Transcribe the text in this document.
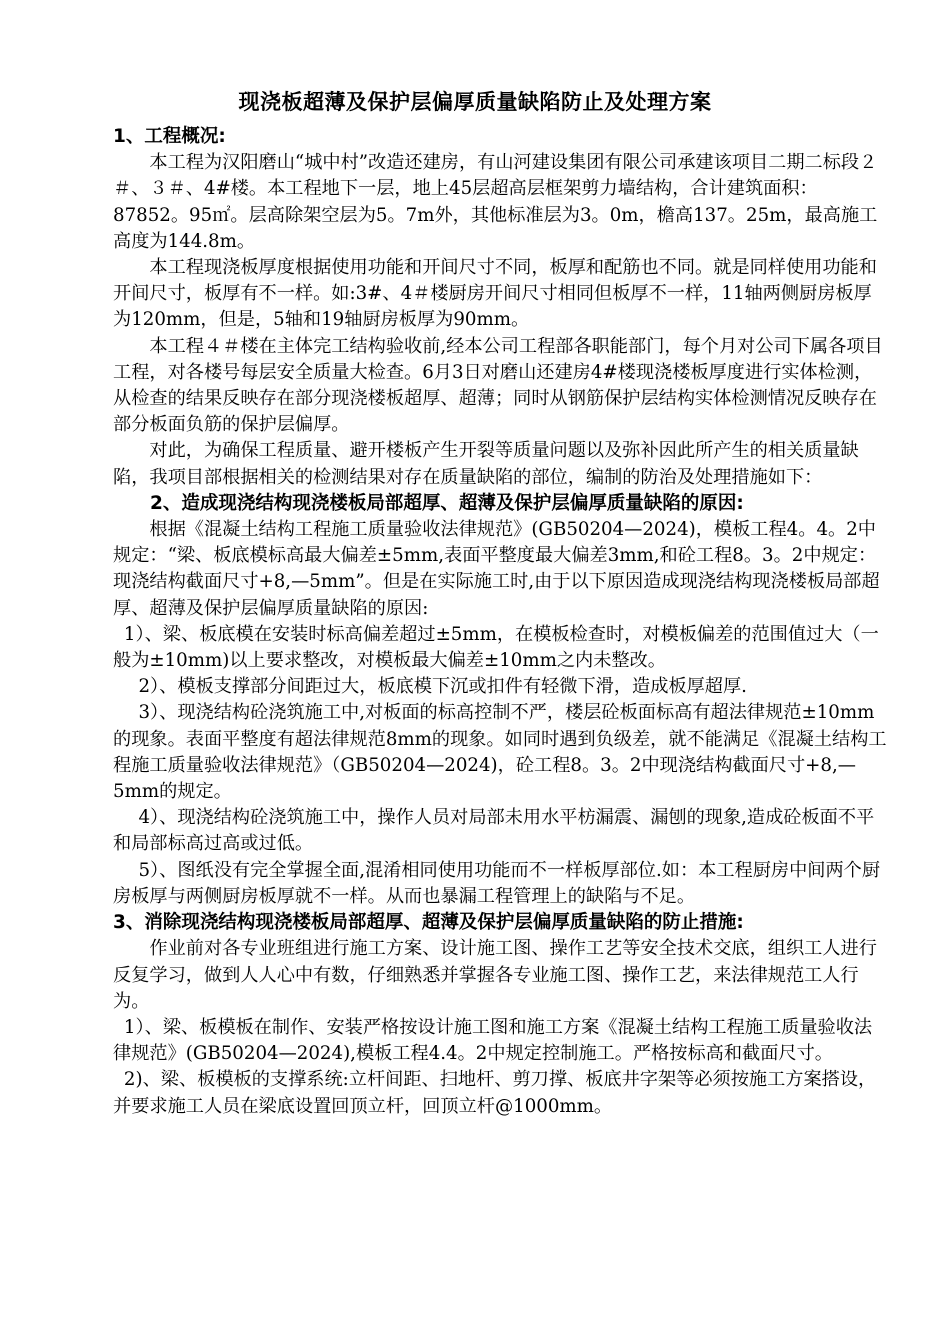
现浇板超薄及保护层偏厚质量缺陷防止及处理方案

1、工程概况:

本工程为汉阳磨山“城中村”改造还建房，有山河建设集团有限公司承建该项目二期二标段２＃、３＃、4#楼。本工程地下一层，地上45层超高层框架剪力墙结构，合计建筑面积：87852。95㎡。层高除架空层为5。7m外，其他标准层为3。0m，檐高137。25m，最高施工高度为144.8m。

本工程现浇板厚度根据使用功能和开间尺寸不同，板厚和配筋也不同。就是同样使用功能和开间尺寸，板厚有不一样。如:3#、4＃楼厨房开间尺寸相同但板厚不一样，11轴两侧厨房板厚为120mm，但是，5轴和19轴厨房板厚为90mm。

本工程４＃楼在主体完工结构验收前,经本公司工程部各职能部门，每个月对公司下属各项目工程，对各楼号每层安全质量大检查。6月3日对磨山还建房4#楼现浇楼板厚度进行实体检测，从检查的结果反映存在部分现浇楼板超厚、超薄；同时从钢筋保护层结构实体检测情况反映存在部分板面负筋的保护层偏厚。

对此，为确保工程质量、避开楼板产生开裂等质量问题以及弥补因此所产生的相关质量缺陷，我项目部根据相关的检测结果对存在质量缺陷的部位，编制的防治及处理措施如下：

2、造成现浇结构现浇楼板局部超厚、超薄及保护层偏厚质量缺陷的原因:

根据《混凝土结构工程施工质量验收法律规范》(GB50204—2024)，模板工程4。4。2中规定：“梁、板底模标高最大偏差±5mm,表面平整度最大偏差3mm,和砼工程8。3。2中规定：现浇结构截面尺寸+8,—5mm”。但是在实际施工时,由于以下原因造成现浇结构现浇楼板局部超厚、超薄及保护层偏厚质量缺陷的原因:

1）、梁、板底模在安装时标高偏差超过±5mm，在模板检查时，对模板偏差的范围值过大（一般为±10mm)以上要求整改，对模板最大偏差±10mm之内未整改。

2）、模板支撑部分间距过大，板底模下沉或扣件有轻微下滑，造成板厚超厚.

3）、现浇结构砼浇筑施工中,对板面的标高控制不严，楼层砼板面标高有超法律规范±10mm的现象。表面平整度有超法律规范8mm的现象。如同时遇到负级差，就不能满足《混凝土结构工程施工质量验收法律规范》（GB50204—2024)，砼工程8。3。2中现浇结构截面尺寸+8,—5mm的规定。

4）、现浇结构砼浇筑施工中，操作人员对局部未用水平枋漏震、漏刨的现象,造成砼板面不平和局部标高过高或过低。

5）、图纸没有完全掌握全面,混淆相同使用功能而不一样板厚部位.如：本工程厨房中间两个厨房板厚与两侧厨房板厚就不一样。从而也暴漏工程管理上的缺陷与不足。

3、消除现浇结构现浇楼板局部超厚、超薄及保护层偏厚质量缺陷的防止措施:

作业前对各专业班组进行施工方案、设计施工图、操作工艺等安全技术交底，组织工人进行反复学习，做到人人心中有数，仔细熟悉并掌握各专业施工图、操作工艺，来法律规范工人行为。

1）、梁、板模板在制作、安装严格按设计施工图和施工方案《混凝土结构工程施工质量验收法律规范》(GB50204—2024),模板工程4.4。2中规定控制施工。严格按标高和截面尺寸。

2)、梁、板模板的支撑系统:立杆间距、扫地杆、剪刀撑、板底井字架等必须按施工方案搭设，并要求施工人员在梁底设置回顶立杆，回顶立杆@1000mm。
